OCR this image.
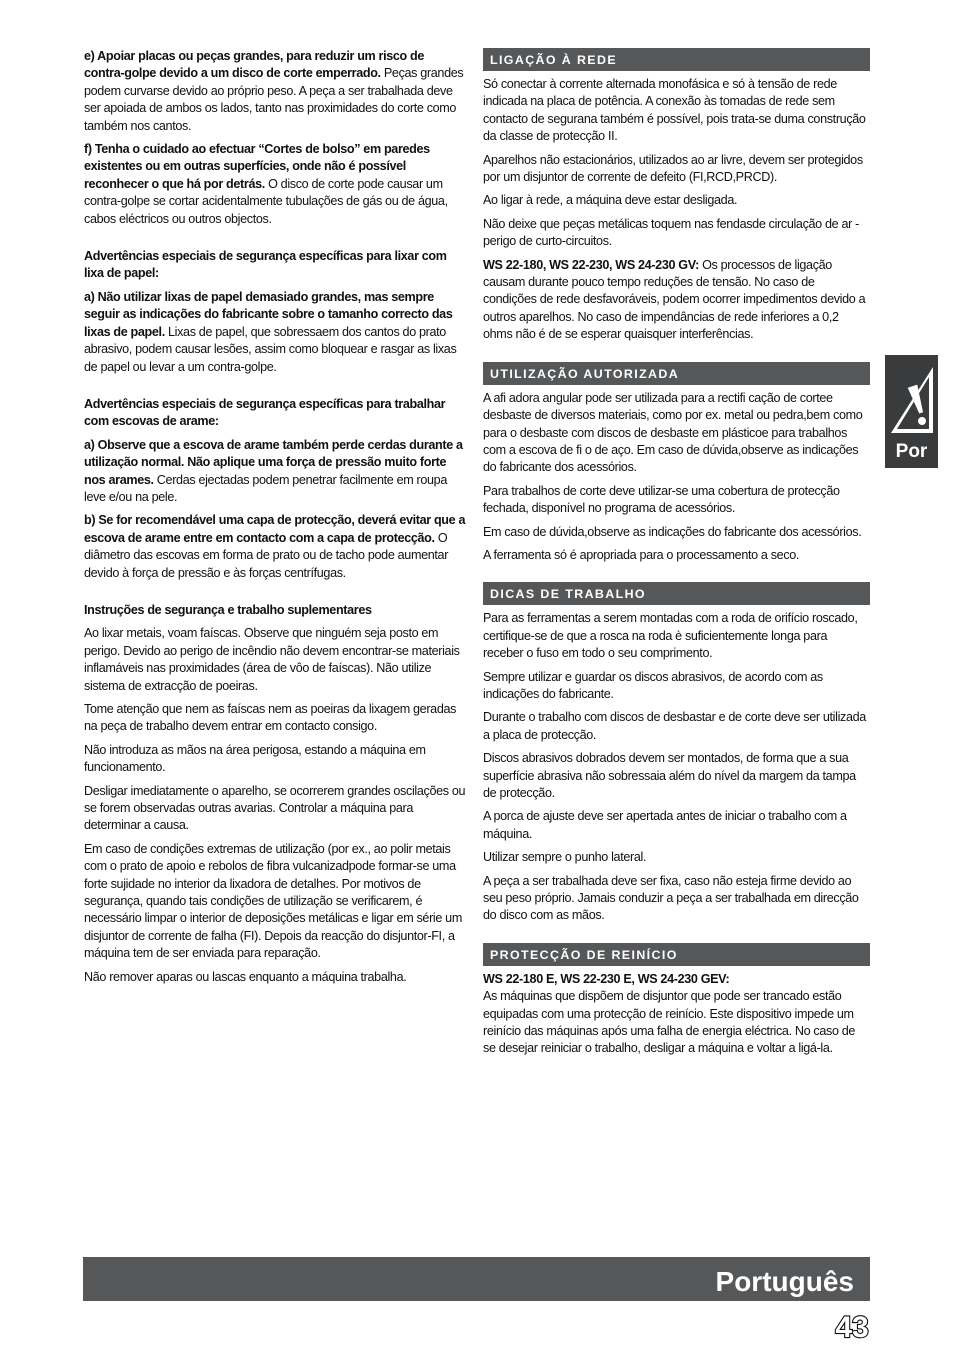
e) Apoiar placas ou peças grandes, para reduzir um risco de contra-golpe devido a um disco de corte emperrado. Peças grandes podem curvarse devido ao próprio peso. A peça a ser trabalhada deve ser apoiada de ambos os lados, tanto nas proximidades do corte como também nos cantos.

f) Tenha o cuidado ao efectuar “Cortes de bolso” em paredes existentes ou em outras superfícies, onde não é possível reconhecer o que há por detrás. O disco de corte pode causar um contra-golpe se cortar acidentalmente tubulações de gás ou de água, cabos eléctricos ou outros objectos.

Advertências especiais de segurança específicas para lixar com lixa de papel:

a) Não utilizar lixas de papel demasiado grandes, mas sempre seguir as indicações do fabricante sobre o tamanho correcto das lixas de papel. Lixas de papel, que sobressaem dos cantos do prato abrasivo, podem causar lesões, assim como bloquear e rasgar as lixas de papel ou levar a um contra-golpe.

Advertências especiais de segurança específicas para trabalhar com escovas de arame:

a) Observe que a escova de arame também perde cerdas durante a utilização normal. Não aplique uma força de pressão muito forte nos arames. Cerdas ejectadas podem penetrar facilmente em roupa leve e/ou na pele.

b) Se for recomendável uma capa de protecção, deverá evitar que a escova de arame entre em contacto com a capa de protecção. O diâmetro das escovas em forma de prato ou de tacho pode aumentar devido à força de pressão e às forças centrífugas.

Instruções de segurança e trabalho suplementares

Ao lixar metais, voam faíscas. Observe que ninguém seja posto em perigo. Devido ao perigo de incêndio não devem encontrar-se materiais inflamáveis nas proximidades (área de vôo de faíscas). Não utilize sistema de extracção de poeiras.

Tome atenção que nem as faíscas nem as poeiras da lixagem geradas na peça de trabalho devem entrar em contacto consigo.

Não introduza as mãos na área perigosa, estando a máquina em funcionamento.

Desligar imediatamente o aparelho, se ocorrerem grandes oscilações ou se forem observadas outras avarias. Controlar a máquina para determinar a causa.

Em caso de condições extremas de utilização (por ex., ao polir metais com o prato de apoio e rebolos de fibra vulcanizadpode formar-se uma forte sujidade no interior da lixadora de detalhes. Por motivos de segurança, quando tais condições de utilização se verificarem, é necessário limpar o interior de deposições metálicas e ligar em série um disjuntor de corrente de falha (FI). Depois da reacção do disjuntor-FI, a máquina tem de ser enviada para reparação.

Não remover aparas ou lascas enquanto a máquina trabalha.

LIGAÇÃO À REDE

Só conectar à corrente alternada monofásica e só à tensão de rede indicada na placa de potência. A conexão às tomadas de rede sem contacto de segurana também é possível, pois trata-se duma construção da classe de protecção II.

Aparelhos não estacionários, utilizados ao ar livre, devem ser protegidos por um disjuntor de corrente de defeito (FI,RCD,PRCD).

Ao ligar à rede, a máquina deve estar desligada.

Não deixe que peças metálicas toquem nas fendasde circulação de ar - perigo de curto-circuitos.

WS 22-180, WS 22-230, WS 24-230 GV: Os processos de ligação causam durante pouco tempo reduções de tensão. No caso de condições de rede desfavoráveis, podem ocorrer impedimentos devido a outros aparelhos. No caso de impendâncias de rede inferiores a 0,2 ohms não é de se esperar quaisquer interferências.

UTILIZAÇÃO AUTORIZADA

A afi adora angular pode ser utilizada para a rectifi cação de cortee desbaste de diversos materiais, como por ex. metal ou pedra,bem como para o desbaste com discos de desbaste em plásticoe para trabalhos com a escova de fi o de aço. Em caso de dúvida,observe as indicações do fabricante dos acessórios.

Para trabalhos de corte deve utilizar-se uma cobertura de protecção fechada, disponível no programa de acessórios.

Em caso de dúvida,observe as indicações do fabricante dos acessórios.

A ferramenta só é apropriada para o processamento a seco.

DICAS DE TRABALHO

Para as ferramentas a serem montadas com a roda de orifício roscado, certifique-se de que a rosca na roda è suficientemente longa para receber o fuso em todo o seu comprimento.

Sempre utilizar e guardar os discos abrasivos, de acordo com as indicações do fabricante.

Durante o trabalho com discos de desbastar e de corte deve ser utilizada a placa de protecção.

Discos abrasivos dobrados devem ser montados, de forma que a sua superfície abrasiva não sobressaia além do nível da margem da tampa de protecção.

A porca de ajuste deve ser apertada antes de iniciar o trabalho com a máquina.

Utilizar sempre o punho lateral.

A peça a ser trabalhada deve ser fixa, caso não esteja firme devido ao seu peso próprio. Jamais conduzir a peça a ser trabalhada em direcção do disco com as mãos.

PROTECÇÃO DE REINÍCIO

WS 22-180 E, WS 22-230 E, WS 24-230 GEV:

As máquinas que dispõem de disjuntor que pode ser trancado estão equipadas com uma protecção de reinício. Este dispositivo impede um reinício das máquinas após uma falha de energia eléctrica. No caso de se desejar reiniciar o trabalho, desligar a máquina e voltar a ligá-la.

Por
Português
43
